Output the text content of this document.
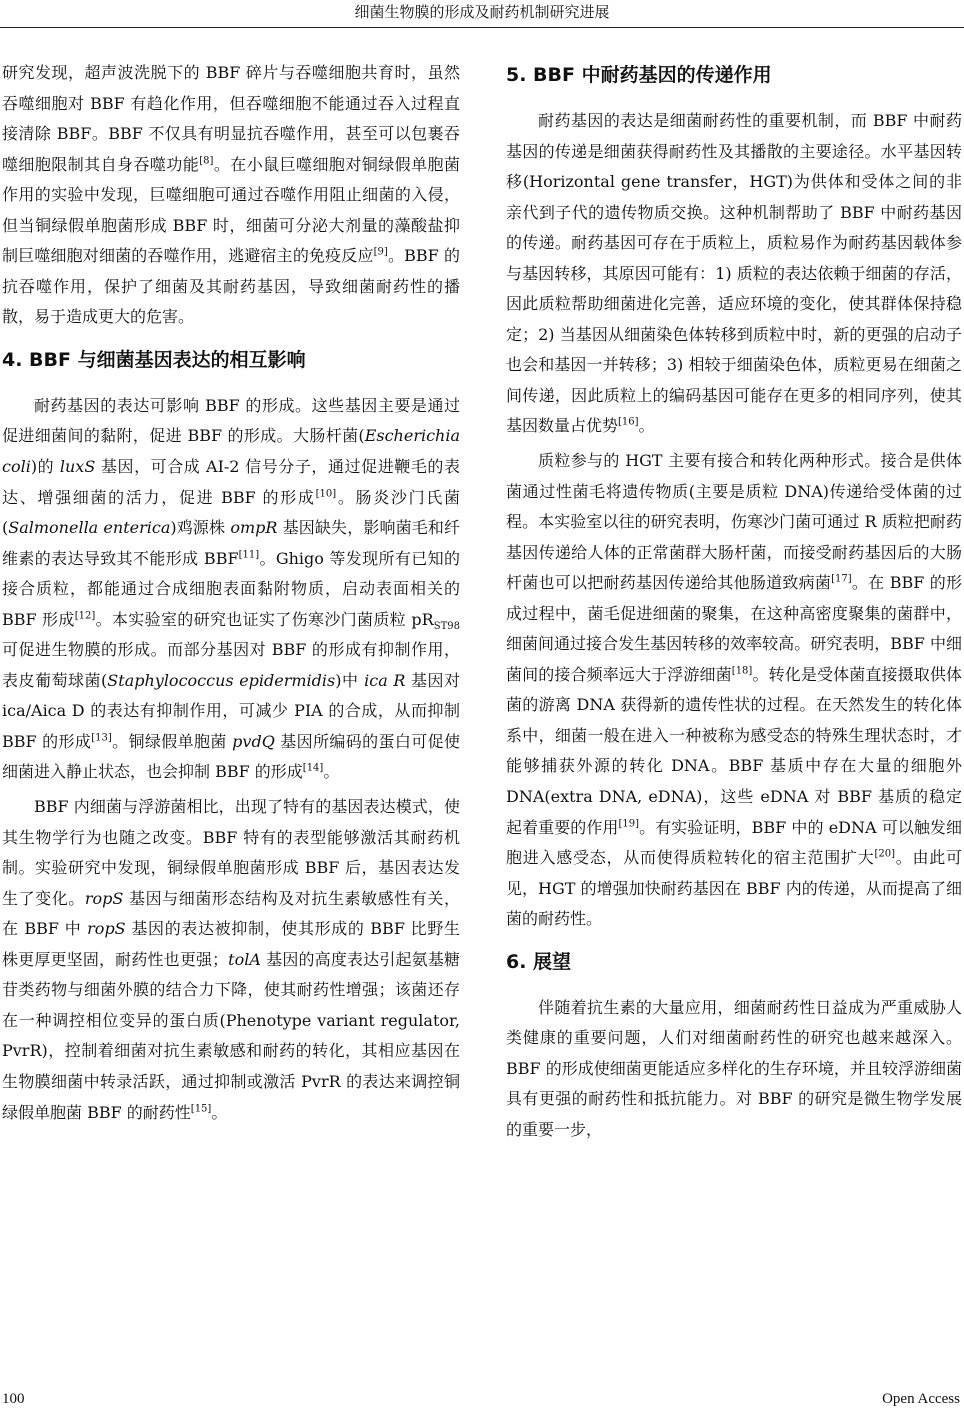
细菌生物膜的形成及耐药机制研究进展

研究发现，超声波洗脱下的 BBF 碎片与吞噬细胞共育时，虽然吞噬细胞对 BBF 有趋化作用，但吞噬细胞不能通过吞入过程直接清除 BBF。BBF 不仅具有明显抗吞噬作用，甚至可以包裹吞噬细胞限制其自身吞噬功能[8]。在小鼠巨噬细胞对铜绿假单胞菌作用的实验中发现，巨噬细胞可通过吞噬作用阻止细菌的入侵，但当铜绿假单胞菌形成 BBF 时，细菌可分泌大剂量的藻酸盐抑制巨噬细胞对细菌的吞噬作用，逃避宿主的免疫反应[9]。BBF 的抗吞噬作用，保护了细菌及其耐药基因，导致细菌耐药性的播散，易于造成更大的危害。

4. BBF 与细菌基因表达的相互影响

耐药基因的表达可影响 BBF 的形成。这些基因主要是通过促进细菌间的黏附，促进 BBF 的形成。大肠杆菌(Escherichia coli)的 luxS 基因，可合成 AI-2 信号分子，通过促进鞭毛的表达、增强细菌的活力，促进 BBF 的形成[10]。肠炎沙门氏菌(Salmonella enterica)鸡源株 ompR 基因缺失，影响菌毛和纤维素的表达导致其不能形成 BBF[11]。Ghigo 等发现所有已知的接合质粒，都能通过合成细胞表面黏附物质，启动表面相关的 BBF 形成[12]。本实验室的研究也证实了伤寒沙门菌质粒 $pR_{ST98}$ 可促进生物膜的形成。而部分基因对 BBF 的形成有抑制作用，表皮葡萄球菌(Staphylococcus epidermidis)中 ica R 基因对 ica/Aica D 的表达有抑制作用，可减少 PIA 的合成，从而抑制 BBF 的形成[13]。铜绿假单胞菌 pvdQ 基因所编码的蛋白可促使细菌进入静止状态，也会抑制 BBF 的形成[14]。

BBF 内细菌与浮游菌相比，出现了特有的基因表达模式，使其生物学行为也随之改变。BBF 特有的表型能够激活其耐药机制。实验研究中发现，铜绿假单胞菌形成 BBF 后，基因表达发生了变化。ropS 基因与细菌形态结构及对抗生素敏感性有关，在 BBF 中 ropS 基因的表达被抑制，使其形成的 BBF 比野生株更厚更坚固，耐药性也更强；tolA 基因的高度表达引起氨基糖苷类药物与细菌外膜的结合力下降，使其耐药性增强；该菌还存在一种调控相位变异的蛋白质(Phenotype variant regulator, PvrR)，控制着细菌对抗生素敏感和耐药的转化，其相应基因在生物膜细菌中转录活跃，通过抑制或激活 PvrR 的表达来调控铜绿假单胞菌 BBF 的耐药性[15]。

5. BBF 中耐药基因的传递作用

耐药基因的表达是细菌耐药性的重要机制，而 BBF 中耐药基因的传递是细菌获得耐药性及其播散的主要途径。水平基因转移(Horizontal gene transfer，HGT)为供体和受体之间的非亲代到子代的遗传物质交换。这种机制帮助了 BBF 中耐药基因的传递。耐药基因可存在于质粒上，质粒易作为耐药基因载体参与基因转移，其原因可能有：1) 质粒的表达依赖于细菌的存活，因此质粒帮助细菌进化完善，适应环境的变化，使其群体保持稳定；2) 当基因从细菌染色体转移到质粒中时，新的更强的启动子也会和基因一并转移；3) 相较于细菌染色体，质粒更易在细菌之间传递，因此质粒上的编码基因可能存在更多的相同序列，使其基因数量占优势[16]。

质粒参与的 HGT 主要有接合和转化两种形式。接合是供体菌通过性菌毛将遗传物质(主要是质粒 DNA)传递给受体菌的过程。本实验室以往的研究表明，伤寒沙门菌可通过 R 质粒把耐药基因传递给人体的正常菌群大肠杆菌，而接受耐药基因后的大肠杆菌也可以把耐药基因传递给其他肠道致病菌[17]。在 BBF 的形成过程中，菌毛促进细菌的聚集，在这种高密度聚集的菌群中，细菌间通过接合发生基因转移的效率较高。研究表明，BBF 中细菌间的接合频率远大于浮游细菌[18]。转化是受体菌直接摄取供体菌的游离 DNA 获得新的遗传性状的过程。在天然发生的转化体系中，细菌一般在进入一种被称为感受态的特殊生理状态时，才能够捕获外源的转化 DNA。BBF 基质中存在大量的细胞外 DNA(extra DNA, eDNA)，这些 eDNA 对 BBF 基质的稳定起着重要的作用[19]。有实验证明，BBF 中的 eDNA 可以触发细胞进入感受态，从而使得质粒转化的宿主范围扩大[20]。由此可见，HGT 的增强加快耐药基因在 BBF 内的传递，从而提高了细菌的耐药性。

6. 展望

伴随着抗生素的大量应用，细菌耐药性日益成为严重威胁人类健康的重要问题，人们对细菌耐药性的研究也越来越深入。BBF 的形成使细菌更能适应多样化的生存环境，并且较浮游细菌具有更强的耐药性和抵抗能力。对 BBF 的研究是微生物学发展的重要一步，

100	Open Access
